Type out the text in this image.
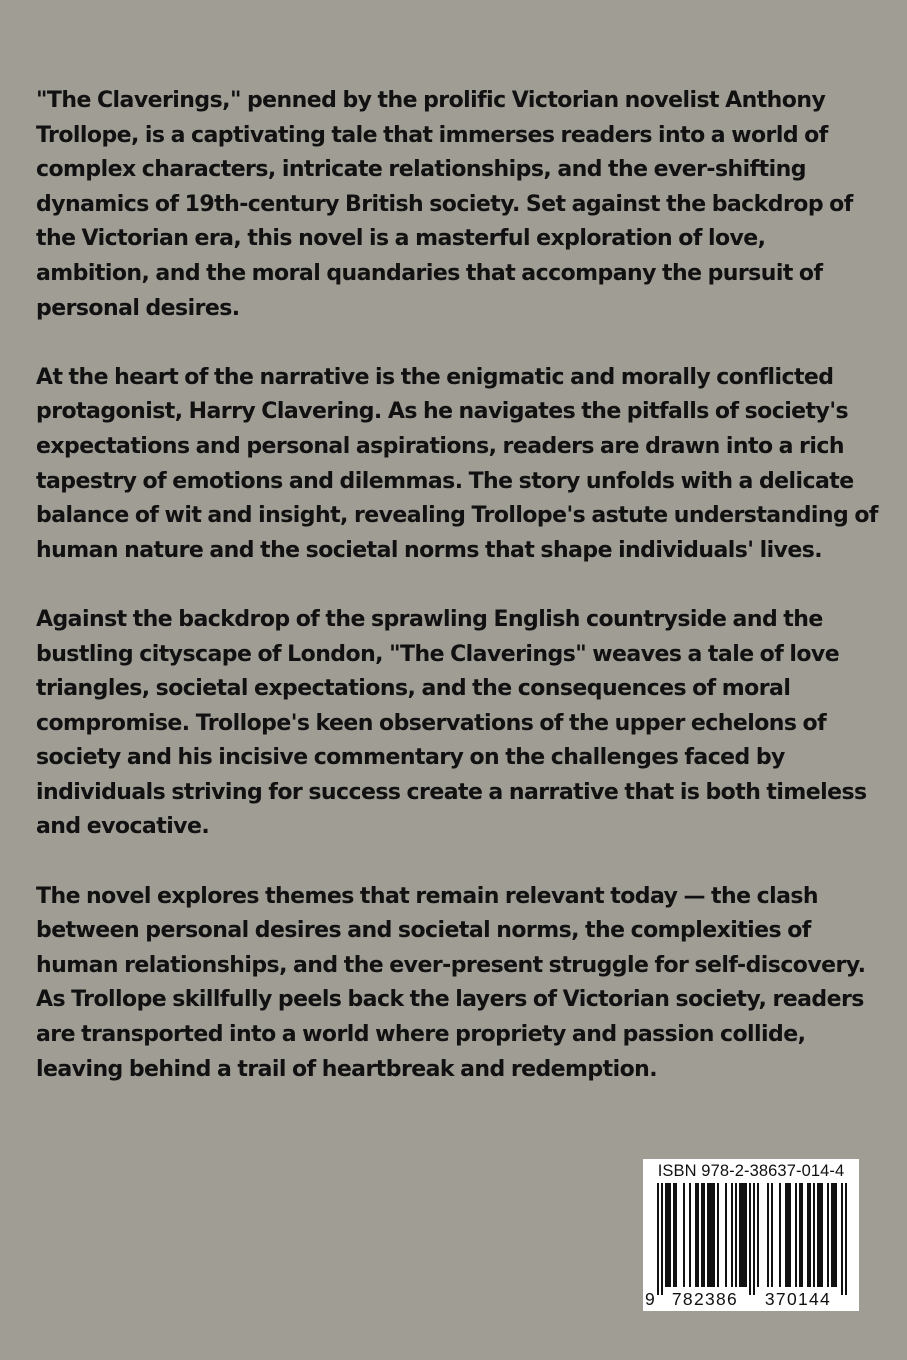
"The Claverings," penned by the prolific Victorian novelist Anthony Trollope, is a captivating tale that immerses readers into a world of complex characters, intricate relationships, and the ever-shifting dynamics of 19th-century British society. Set against the backdrop of the Victorian era, this novel is a masterful exploration of love, ambition, and the moral quandaries that accompany the pursuit of personal desires.

At the heart of the narrative is the enigmatic and morally conflicted protagonist, Harry Clavering. As he navigates the pitfalls of society's expectations and personal aspirations, readers are drawn into a rich tapestry of emotions and dilemmas. The story unfolds with a delicate balance of wit and insight, revealing Trollope's astute understanding of human nature and the societal norms that shape individuals' lives.

Against the backdrop of the sprawling English countryside and the bustling cityscape of London, "The Claverings" weaves a tale of love triangles, societal expectations, and the consequences of moral compromise. Trollope's keen observations of the upper echelons of society and his incisive commentary on the challenges faced by individuals striving for success create a narrative that is both timeless and evocative.

The novel explores themes that remain relevant today — the clash between personal desires and societal norms, the complexities of human relationships, and the ever-present struggle for self-discovery. As Trollope skillfully peels back the layers of Victorian society, readers are transported into a world where propriety and passion collide, leaving behind a trail of heartbreak and redemption.

ISBN 978-2-38637-014-4
9 782386 370144
